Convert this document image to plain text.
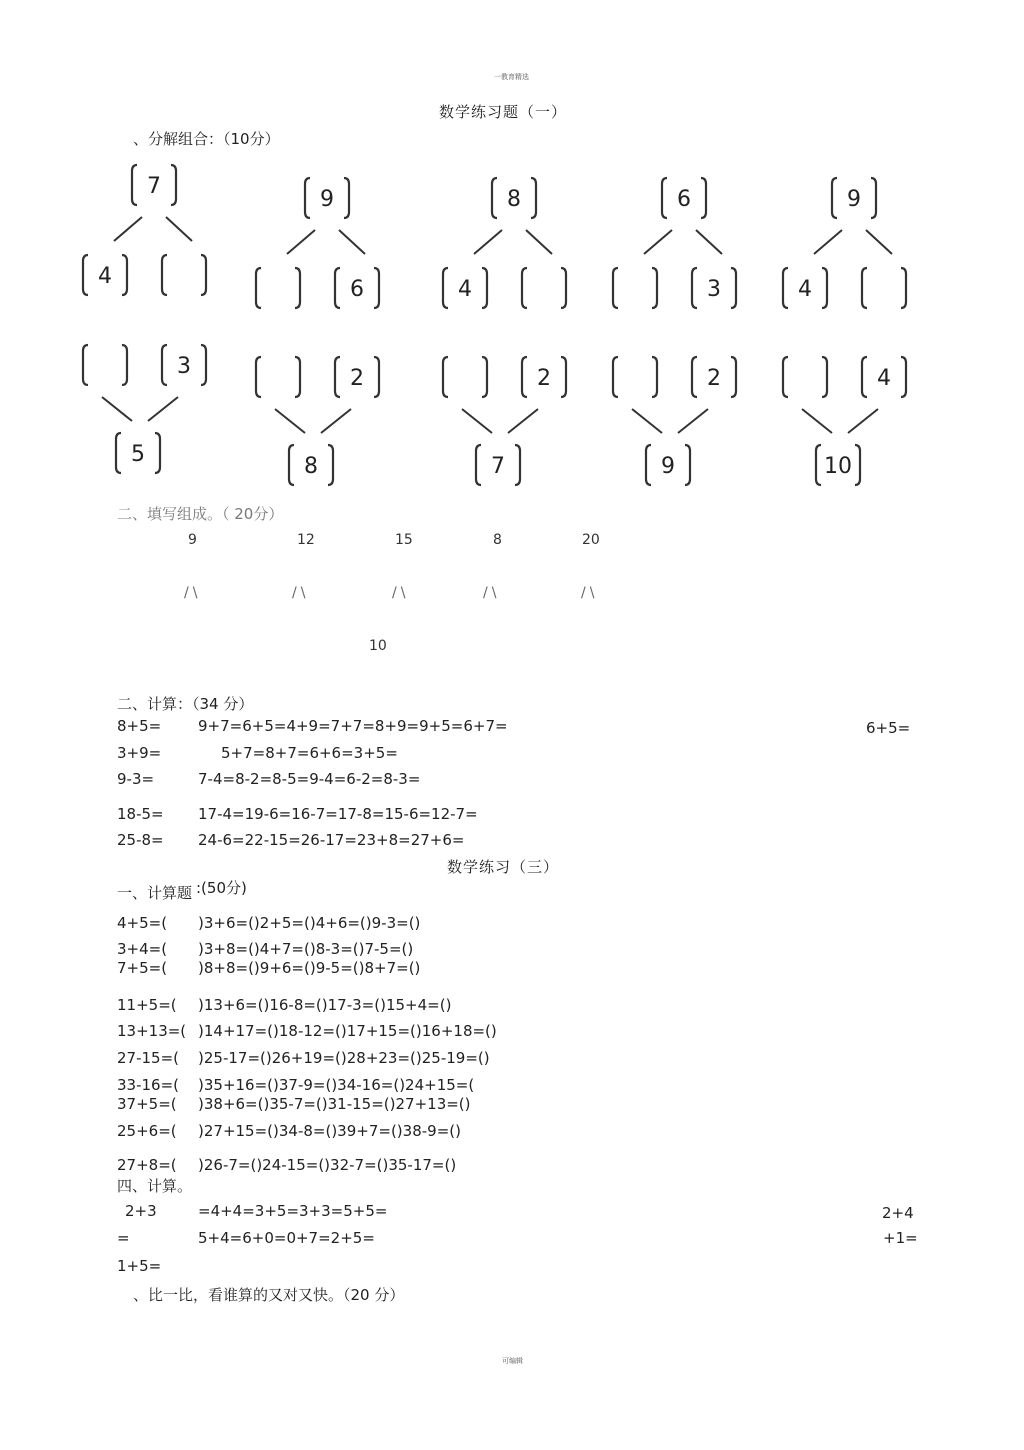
一教育精选
数学练习题（一）
、分解组合：（10分）
7
4
9
6
8
4
6
3
9
4
3
5
2
8
2
7
2
9
4
10
二、填写组成。（ 20分）
9	12	15	8	20
/\	/\	/\	/\	/\
10
二、计算：（34 分）
8+5= 9+7=6+5=4+9=7+7=8+9=9+5=6+7=	6+5=
3+9=	5+7=8+7=6+6=3+5=
9-3=	7-4=8-2=8-5=9-4=6-2=8-3=
18-5= 17-4=19-6=16-7=17-8=15-6=12-7=
25-8= 24-6=22-15=26-17=23+8=27+6=
数学练习（三）
一、计算题 :(50分)
4+5=( )3+6=()2+5=()4+6=()9-3=()
3+4=( )3+8=()4+7=()8-3=()7-5=()
7+5=( )8+8=()9+6=()9-5=()8+7=()
11+5=( )13+6=()16-8=()17-3=()15+4=()
13+13=( )14+17=()18-12=()17+15=()16+18=()
27-15=( )25-17=()26+19=()28+23=()25-19=()
33-16=( )35+16=()37-9=()34-16=()24+15=(
37+5=( )38+6=()35-7=()31-15=()27+13=()
25+6=( )27+15=()34-8=()39+7=()38-9=()
27+8=( )26-7=()24-15=()32-7=()35-17=()
四、计算。
2+3	=4+4=3+5=3+3=5+5=	2+4
=	5+4=6+0=0+7=2+5=	+1=
1+5=
、比一比，看谁算的又对又快。（20 分）
可编辑
